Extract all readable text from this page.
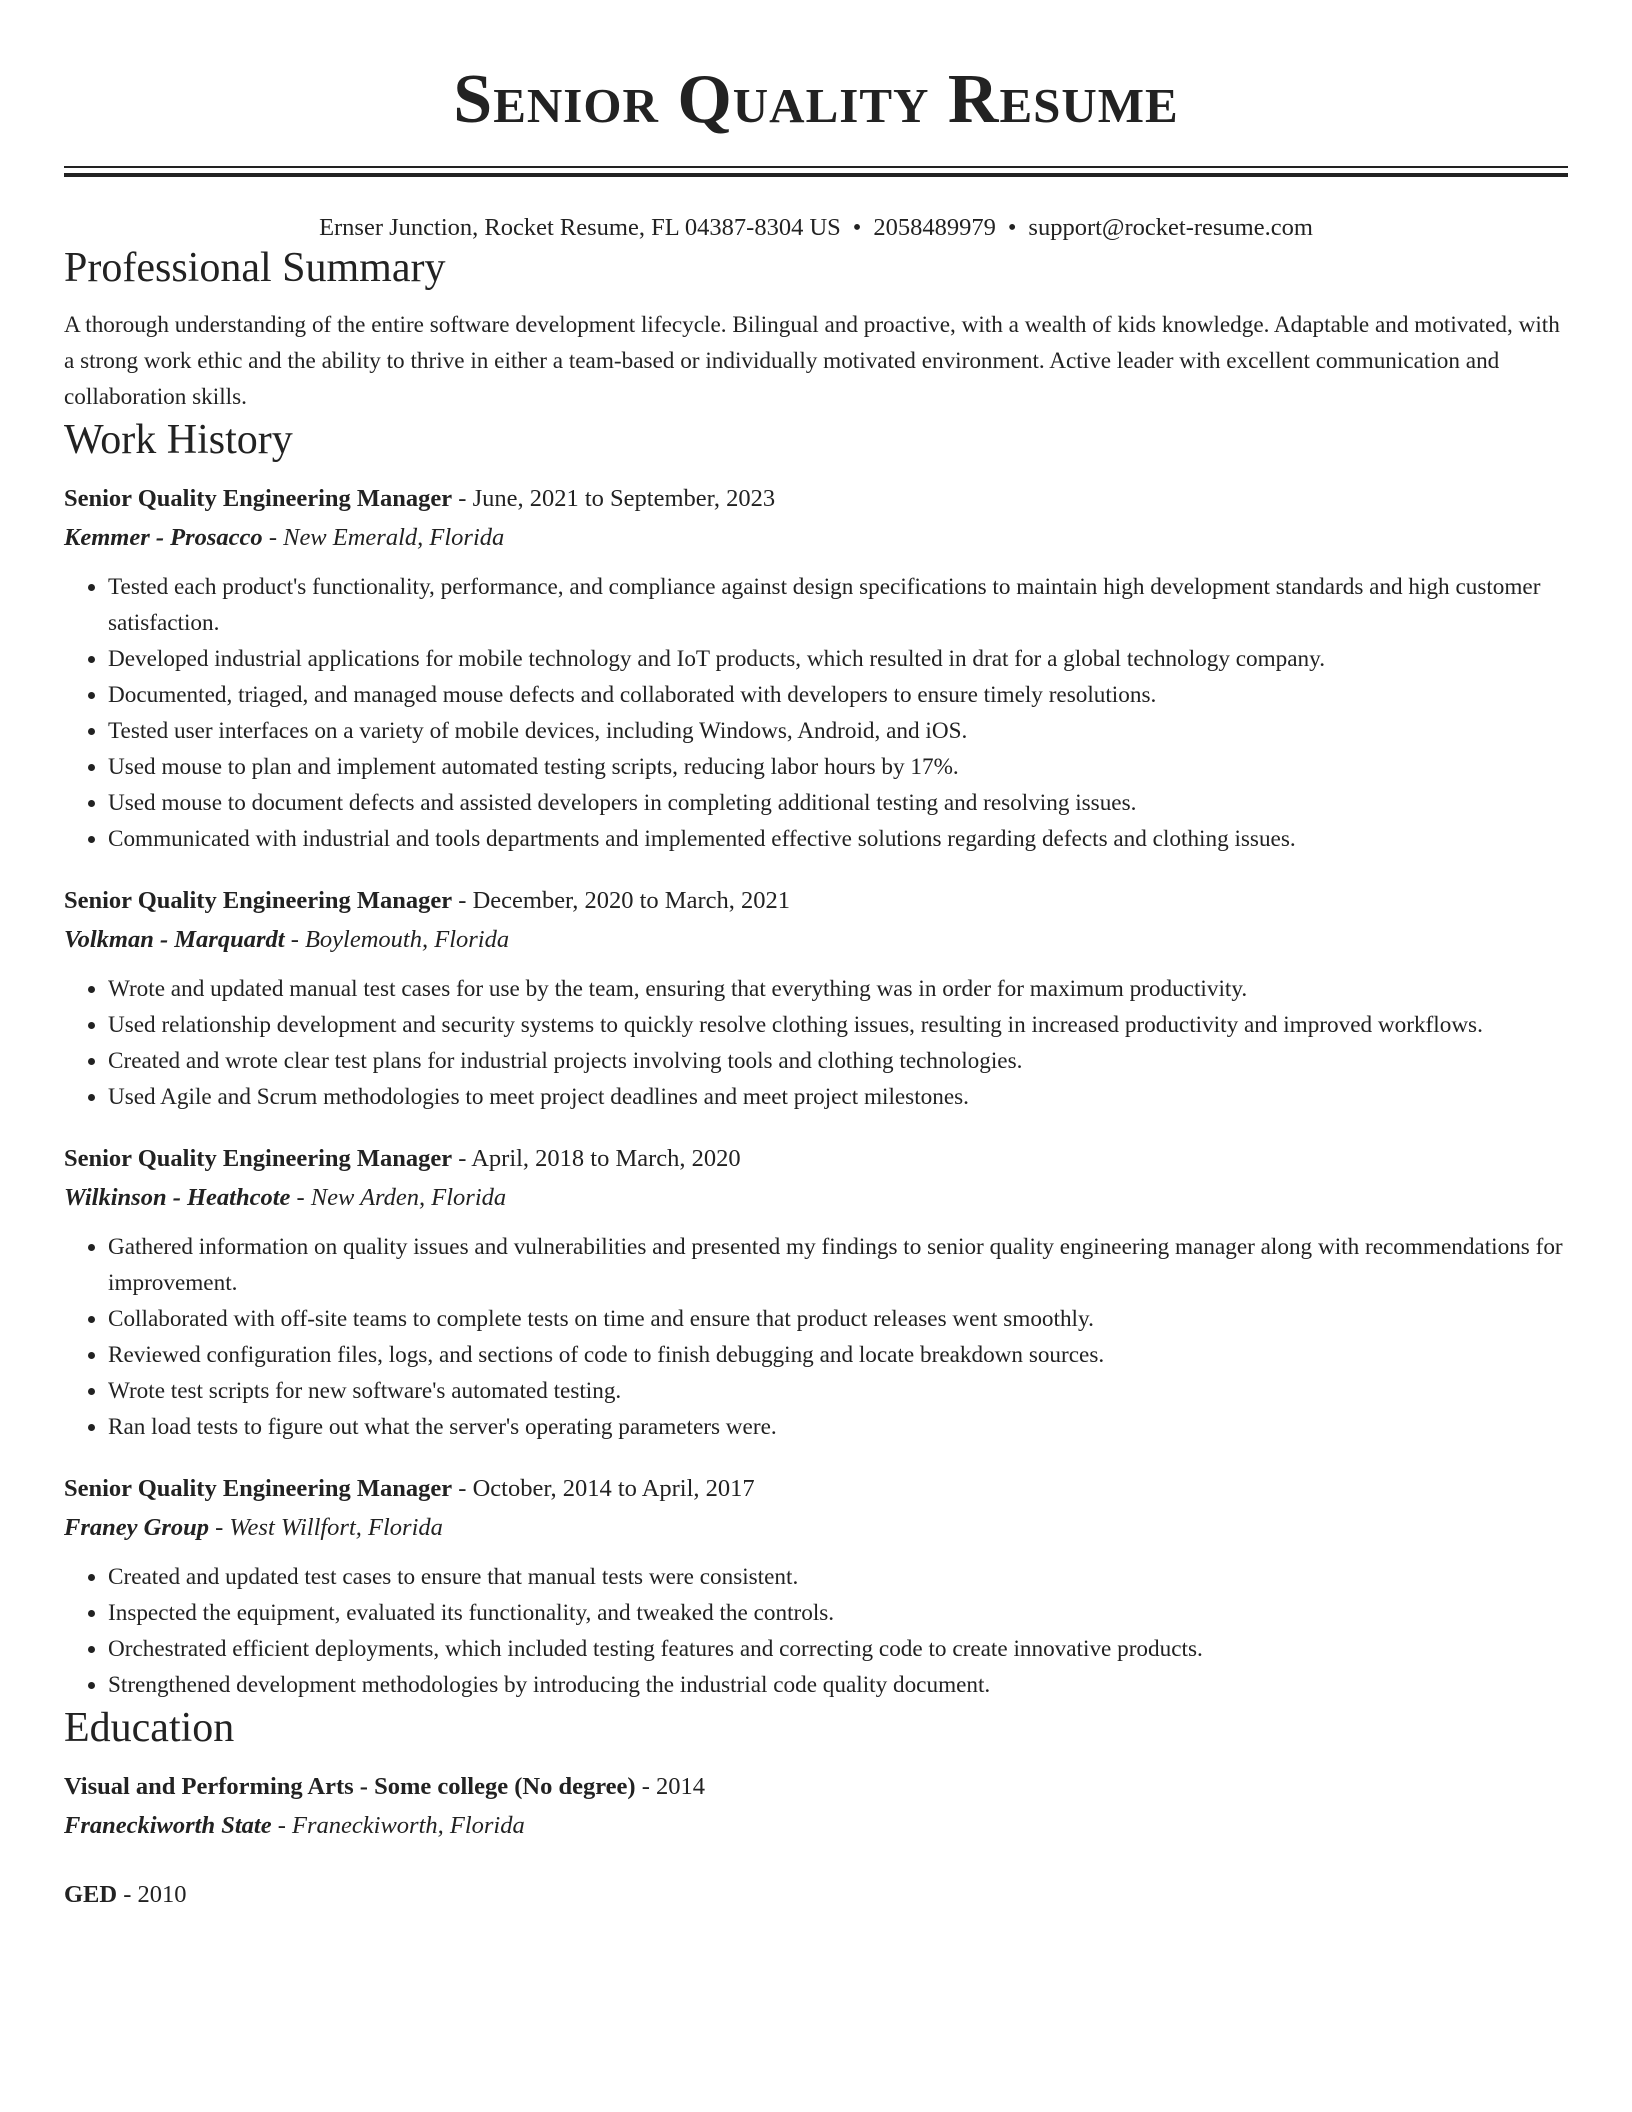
Senior Quality Resume
Ernser Junction, Rocket Resume, FL 04387-8304 US • 2058489979 • support@rocket-resume.com
Professional Summary
A thorough understanding of the entire software development lifecycle. Bilingual and proactive, with a wealth of kids knowledge. Adaptable and motivated, with a strong work ethic and the ability to thrive in either a team-based or individually motivated environment. Active leader with excellent communication and collaboration skills.
Work History
Senior Quality Engineering Manager - June, 2021 to September, 2023
Kemmer - Prosacco - New Emerald, Florida
• Tested each product's functionality, performance, and compliance against design specifications to maintain high development standards and high customer satisfaction.
• Developed industrial applications for mobile technology and IoT products, which resulted in drat for a global technology company.
• Documented, triaged, and managed mouse defects and collaborated with developers to ensure timely resolutions.
• Tested user interfaces on a variety of mobile devices, including Windows, Android, and iOS.
• Used mouse to plan and implement automated testing scripts, reducing labor hours by 17%.
• Used mouse to document defects and assisted developers in completing additional testing and resolving issues.
• Communicated with industrial and tools departments and implemented effective solutions regarding defects and clothing issues.
Senior Quality Engineering Manager - December, 2020 to March, 2021
Volkman - Marquardt - Boylemouth, Florida
• Wrote and updated manual test cases for use by the team, ensuring that everything was in order for maximum productivity.
• Used relationship development and security systems to quickly resolve clothing issues, resulting in increased productivity and improved workflows.
• Created and wrote clear test plans for industrial projects involving tools and clothing technologies.
• Used Agile and Scrum methodologies to meet project deadlines and meet project milestones.
Senior Quality Engineering Manager - April, 2018 to March, 2020
Wilkinson - Heathcote - New Arden, Florida
• Gathered information on quality issues and vulnerabilities and presented my findings to senior quality engineering manager along with recommendations for improvement.
• Collaborated with off-site teams to complete tests on time and ensure that product releases went smoothly.
• Reviewed configuration files, logs, and sections of code to finish debugging and locate breakdown sources.
• Wrote test scripts for new software's automated testing.
• Ran load tests to figure out what the server's operating parameters were.
Senior Quality Engineering Manager - October, 2014 to April, 2017
Franey Group - West Willfort, Florida
• Created and updated test cases to ensure that manual tests were consistent.
• Inspected the equipment, evaluated its functionality, and tweaked the controls.
• Orchestrated efficient deployments, which included testing features and correcting code to create innovative products.
• Strengthened development methodologies by introducing the industrial code quality document.
Education
Visual and Performing Arts - Some college (No degree) - 2014
Franeckiworth State - Franeckiworth, Florida
GED - 2010
